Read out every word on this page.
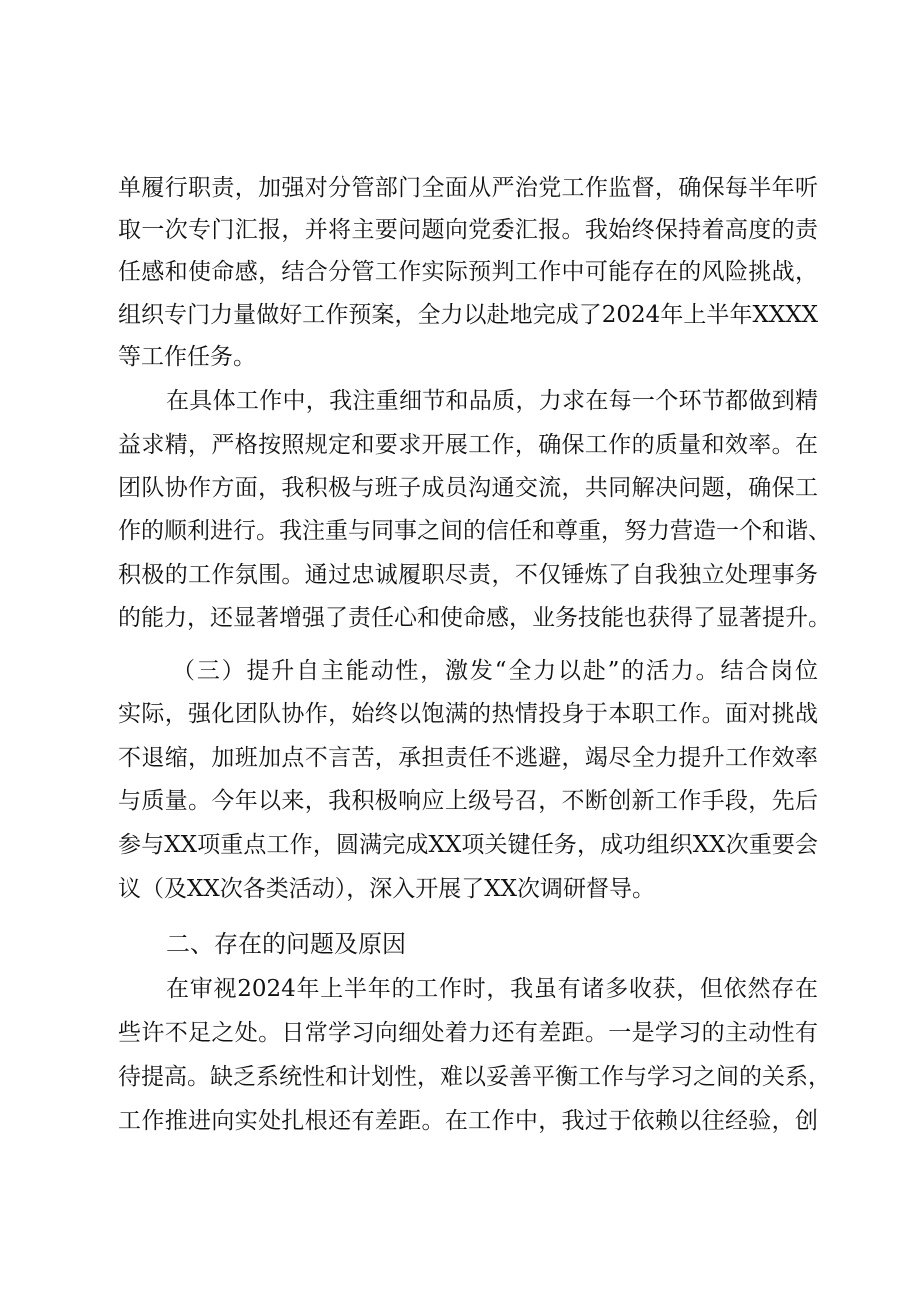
单履行职责，加强对分管部门全面从严治党工作监督，确保每半年听
取一次专门汇报，并将主要问题向党委汇报。我始终保持着高度的责
任感和使命感，结合分管工作实际预判工作中可能存在的风险挑战，
组织专门力量做好工作预案，全力以赴地完成了2024年上半年XXXX
等工作任务。
在具体工作中，我注重细节和品质，力求在每一个环节都做到精
益求精，严格按照规定和要求开展工作，确保工作的质量和效率。在
团队协作方面，我积极与班子成员沟通交流，共同解决问题，确保工
作的顺利进行。我注重与同事之间的信任和尊重，努力营造一个和谐、
积极的工作氛围。通过忠诚履职尽责，不仅锤炼了自我独立处理事务
的能力，还显著增强了责任心和使命感，业务技能也获得了显著提升。
（三）提升自主能动性，激发“全力以赴”的活力。结合岗位
实际，强化团队协作，始终以饱满的热情投身于本职工作。面对挑战
不退缩，加班加点不言苦，承担责任不逃避，竭尽全力提升工作效率
与质量。今年以来，我积极响应上级号召，不断创新工作手段，先后
参与XX项重点工作，圆满完成XX项关键任务，成功组织XX次重要会
议（及XX次各类活动），深入开展了XX次调研督导。
二、存在的问题及原因
在审视2024年上半年的工作时，我虽有诸多收获，但依然存在
些许不足之处。日常学习向细处着力还有差距。一是学习的主动性有
待提高。缺乏系统性和计划性，难以妥善平衡工作与学习之间的关系，
工作推进向实处扎根还有差距。在工作中，我过于依赖以往经验，创
